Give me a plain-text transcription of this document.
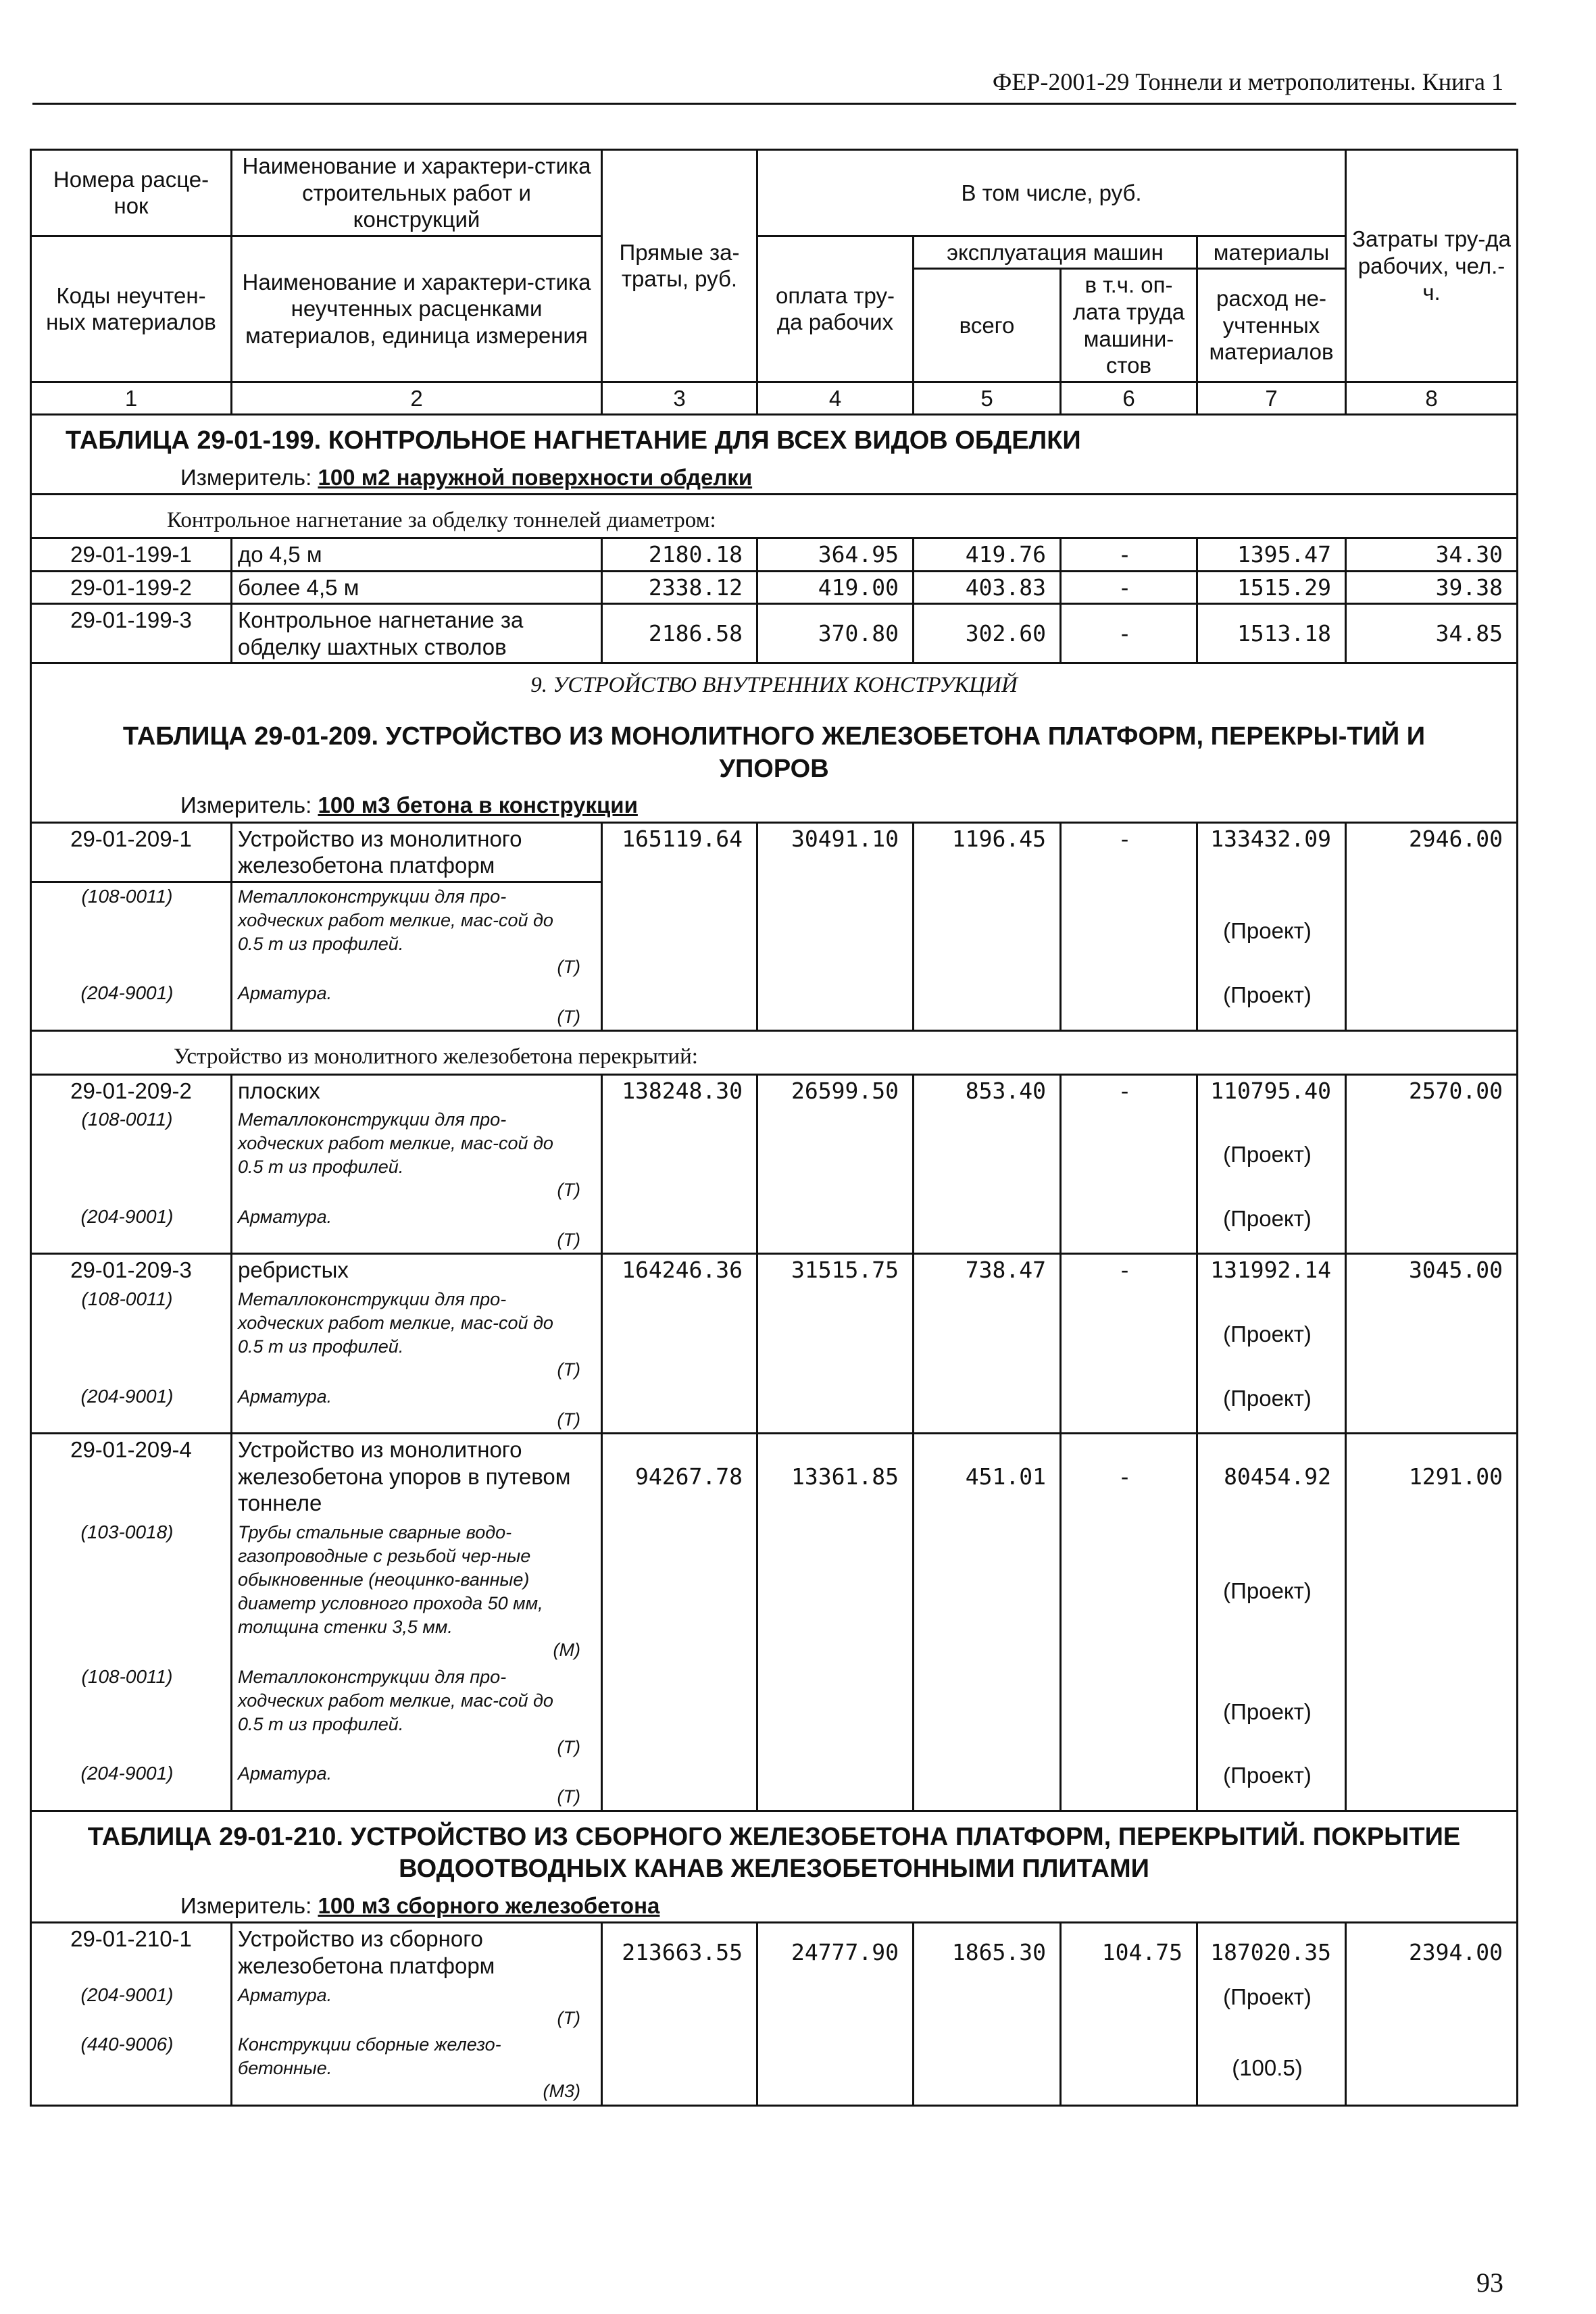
ФЕР-2001-29 Тоннели и метрополитены. Книга 1
Номера расце-нок	Наименование и характери-стика строительных работ и конструкций	Прямые за-траты, руб.	В том числе, руб.				Затраты тру-да рабочих, чел.-ч.
Коды неучтен-ных материалов	Наименование и характери-стика неучтенных расценками материалов, единица измерения		оплата тру-да рабочих	эксплуатация машин		материалы	
				всего	в т.ч. оп-лата труда машини-стов	расход не-учтенных материалов	
1	2	3	4	5	6	7	8

ТАБЛИЦА 29-01-199. КОНТРОЛЬНОЕ НАГНЕТАНИЕ ДЛЯ ВСЕХ ВИДОВ ОБДЕЛКИ							

Измеритель: 100 м2 наружной поверхности обделки							
Контрольное нагнетание за обделку тоннелей диаметром:							
29-01-199-1	до 4,5 м	2180.18	364.95	419.76	-	1395.47	34.30
29-01-199-2	более 4,5 м	2338.12	419.00	403.83	-	1515.29	39.38
29-01-199-3	Контрольное нагнетание за обделку шахтных стволов	2186.58	370.80	302.60	-	1513.18	34.85
9. УСТРОЙСТВО ВНУТРЕННИХ КОНСТРУКЦИЙ							

ТАБЛИЦА 29-01-209. УСТРОЙСТВО ИЗ МОНОЛИТНОГО ЖЕЛЕЗОБЕТОНА ПЛАТФОРМ, ПЕРЕКРЫ-ТИЙ И УПОРОВ							

Измеритель: 100 м3 бетона в конструкции							
29-01-209-1	Устройство из монолитного железобетона платформ	165119.64	30491.10	1196.45	-	133432.09	2946.00
(108-0011)	Металлоконструкции для про-ходческих работ мелкие, мас-сой до 0.5 т из профилей.
(Т)					(Проект)	
(204-9001)	Арматура.
(Т)					(Проект)	
Устройство из монолитного железобетона перекрытий:							
29-01-209-2	плоских	138248.30	26599.50	853.40	-	110795.40	2570.00
(108-0011)	Металлоконструкции для про-ходческих работ мелкие, мас-сой до 0.5 т из профилей.
(Т)					(Проект)	
(204-9001)	Арматура.
(Т)					(Проект)	
29-01-209-3	ребристых	164246.36	31515.75	738.47	-	131992.14	3045.00
(108-0011)	Металлоконструкции для про-ходческих работ мелкие, мас-сой до 0.5 т из профилей.
(Т)					(Проект)	
(204-9001)	Арматура.
(Т)					(Проект)	
29-01-209-4	Устройство из монолитного железобетона упоров в путевом тоннеле	94267.78	13361.85	451.01	-	80454.92	1291.00
(103-0018)	Трубы стальные сварные водо-газопроводные с резьбой чер-ные обыкновенные (неоцинко-ванные) диаметр условного прохода 50 мм, толщина стенки 3,5 мм.
(М)					(Проект)	
(108-0011)	Металлоконструкции для про-ходческих работ мелкие, мас-сой до 0.5 т из профилей.
(Т)					(Проект)	
(204-9001)	Арматура.
(Т)					(Проект)	

ТАБЛИЦА 29-01-210. УСТРОЙСТВО ИЗ СБОРНОГО ЖЕЛЕЗОБЕТОНА ПЛАТФОРМ, ПЕРЕКРЫТИЙ. ПОКРЫТИЕ ВОДООТВОДНЫХ КАНАВ ЖЕЛЕЗОБЕТОННЫМИ ПЛИТАМИ							

Измеритель: 100 м3 сборного железобетона							
29-01-210-1	Устройство из сборного железобетона платформ	213663.55	24777.90	1865.30	104.75	187020.35	2394.00
(204-9001)	Арматура.
(Т)					(Проект)	
(440-9006)	Конструкции сборные железо-бетонные.
(М3)					(100.5)	
93
